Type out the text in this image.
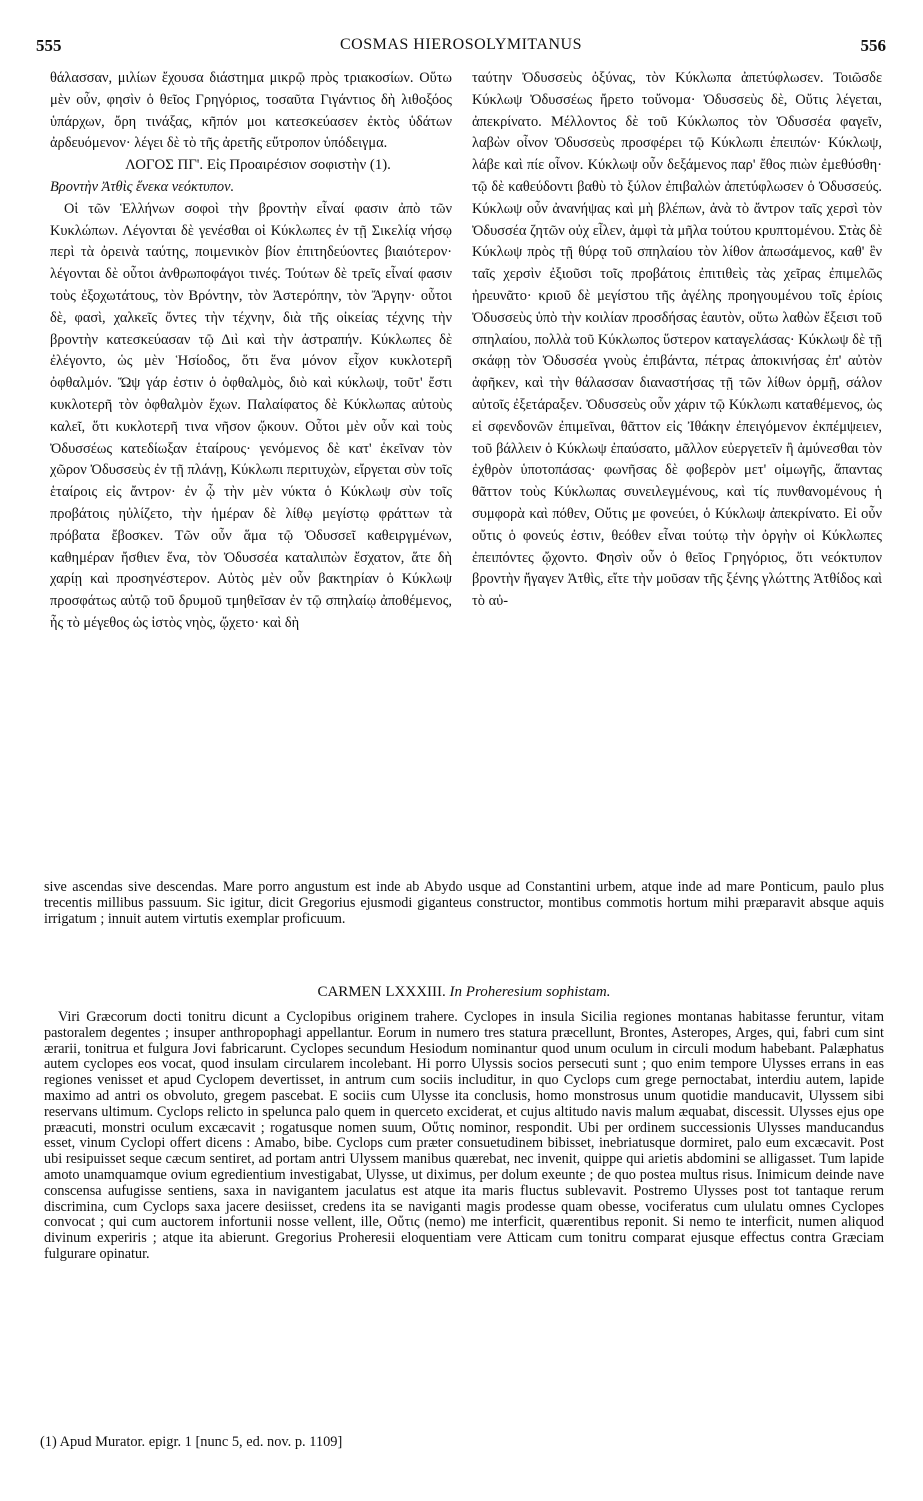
555	COSMAS HIEROSOLYMITANUS	556

θάλασσαν, μιλίων ἔχουσα διάστημα μικρῷ πρὸς τριακοσίων. Οὕτω μὲν οὖν, φησὶν ὁ θεῖος Γρηγόριος, τοσαῦτα Γιγάντιος δὴ λιθοξόος ὑπάρχων, ὄρη τινάξας, κῆπόν μοι κατεσκεύασεν ἐκτὸς ὑδάτων ἀρδευόμενον· λέγει δὲ τὸ τῆς ἀρετῆς εὔτροπον ὑπόδειγμα.

ΛΟΓΟΣ ΠΓ'. Εἰς Προαιρέσιον σοφιστὴν (1).

Βροντὴν Ἀτθὶς ἕνεκα νεόκτυπον.

Οἱ τῶν Ἑλλήνων σοφοὶ τὴν βροντὴν εἶναί φασιν ἀπὸ τῶν Κυκλώπων. Λέγονται δὲ γενέσθαι οἱ Κύκλωπες ἐν τῇ Σικελίᾳ νήσῳ περὶ τὰ ὀρεινὰ ταύτης, ποιμενικὸν βίον ἐπιτηδεύοντες βιαιότερον· λέγονται δὲ οὗτοι ἀνθρωποφάγοι τινές. Τούτων δὲ τρεῖς εἶναί φασιν τοὺς ἐξοχωτάτους, τὸν Βρόντην, τὸν Ἀστερόπην, τὸν Ἄργην· οὗτοι δὲ, φασὶ, χαλκεῖς ὄντες τὴν τέχνην, διὰ τῆς οἰκείας τέχνης τὴν βροντὴν κατεσκεύασαν τῷ Διὶ καὶ τὴν ἀστραπήν. Κύκλωπες δὲ ἐλέγοντο, ὡς μὲν Ἡσίοδος, ὅτι ἕνα μόνον εἶχον κυκλοτερῆ ὀφθαλμόν. Ὤψ γάρ ἐστιν ὁ ὀφθαλμὸς, διὸ καὶ κύκλωψ, τοῦτ' ἔστι κυκλοτερῆ τὸν ὀφθαλμὸν ἔχων. Παλαίφατος δὲ Κύκλωπας αὐτοὺς καλεῖ, ὅτι κυκλοτερῆ τινα νῆσον ᾤκουν. Οὗτοι μὲν οὖν καὶ τοὺς Ὀδυσσέως κατεδίωξαν ἑταίρους· γενόμενος δὲ κατ' ἐκεῖναν τὸν χῶρον Ὀδυσσεὺς ἐν τῇ πλάνῃ, Κύκλωπι περιτυχὼν, εἴργεται σὺν τοῖς ἑταίροις εἰς ἄντρον· ἐν ᾧ τὴν μὲν νύκτα ὁ Κύκλωψ σὺν τοῖς προβάτοις ηὐλίζετο, τὴν ἡμέραν δὲ λίθῳ μεγίστῳ φράττων τὰ πρόβατα ἔβοσκεν. Τῶν οὖν ἅμα τῷ Ὀδυσσεῖ καθειργμένων, καθημέραν ἤσθιεν ἕνα, τὸν Ὀδυσσέα καταλιπὼν ἔσχατον, ἅτε δὴ χαρίῃ καὶ προσηνέστερον. Αὐτὸς μὲν οὖν βακτηρίαν ὁ Κύκλωψ προσφάτως αὐτῷ τοῦ δρυμοῦ τμηθεῖσαν ἐν τῷ σπηλαίῳ ἀποθέμενος, ἧς τὸ μέγεθος ὡς ἱστὸς νηὸς, ᾤχετο· καὶ δὴ

ταύτην Ὀδυσσεὺς ὀξύνας, τὸν Κύκλωπα ἀπετύφλωσεν. Τοιῶσδε Κύκλωψ Ὀδυσσέως ἤρετο τοὔνομα· Ὀδυσσεὺς δὲ, Οὔτις λέγεται, ἀπεκρίνατο. Μέλλοντος δὲ τοῦ Κύκλωπος τὸν Ὀδυσσέα φαγεῖν, λαβὼν οἶνον Ὀδυσσεὺς προσφέρει τῷ Κύκλωπι ἐπειπών· Κύκλωψ, λάβε καὶ πίε οἶνον. Κύκλωψ οὖν δεξάμενος παρ' ἔθος πιὼν ἐμεθύσθη· τῷ δὲ καθεύδοντι βαθὺ τὸ ξύλον ἐπιβαλὼν ἀπετύφλωσεν ὁ Ὀδυσσεύς. Κύκλωψ οὖν ἀνανήψας καὶ μὴ βλέπων, ἀνὰ τὸ ἄντρον ταῖς χερσὶ τὸν Ὀδυσσέα ζητῶν οὐχ εἶλεν, ἀμφὶ τὰ μῆλα τούτου κρυπτομένου. Στὰς δὲ Κύκλωψ πρὸς τῇ θύρᾳ τοῦ σπηλαίου τὸν λίθον ἀπωσάμενος, καθ' ἓν ταῖς χερσὶν ἐξιοῦσι τοῖς προβάτοις ἐπιτιθεὶς τὰς χεῖρας ἐπιμελῶς ἠρευνᾶτο· κριοῦ δὲ μεγίστου τῆς ἀγέλης προηγουμένου τοῖς ἐρίοις Ὀδυσσεὺς ὑπὸ τὴν κοιλίαν προσδήσας ἑαυτὸν, οὕτω λαθὼν ἔξεισι τοῦ σπηλαίου, πολλὰ τοῦ Κύκλωπος ὕστερον καταγελάσας· Κύκλωψ δὲ τῇ σκάφῃ τὸν Ὀδυσσέα γνοὺς ἐπιβάντα, πέτρας ἀποκινήσας ἐπ' αὐτὸν ἀφῆκεν, καὶ τὴν θάλασσαν διαναστήσας τῇ τῶν λίθων ὁρμῇ, σάλον αὐτοῖς ἐξετάραξεν. Ὀδυσσεὺς οὖν χάριν τῷ Κύκλωπι καταθέμενος, ὡς εἰ σφενδονῶν ἐπιμεῖναι, θᾶττον εἰς Ἰθάκην ἐπειγόμενον ἐκπέμψειεν, τοῦ βάλλειν ὁ Κύκλωψ ἐπαύσατο, μᾶλλον εὐεργετεῖν ἢ ἀμύνεσθαι τὸν ἐχθρὸν ὑποτοπάσας· φωνῆσας δὲ φοβερὸν μετ' οἰμωγῆς, ἅπαντας θᾶττον τοὺς Κύκλωπας συνειλεγμένους, καὶ τίς πυνθανομένους ἡ συμφορὰ καὶ πόθεν, Οὔτις με φονεύει, ὁ Κύκλωψ ἀπεκρίνατο. Εἰ οὖν οὔτις ὁ φονεύς ἐστιν, θεόθεν εἶναι τούτῳ τὴν ὀργὴν οἱ Κύκλωπες ἐπειπόντες ᾤχοντο. Φησὶν οὖν ὁ θεῖος Γρηγόριος, ὅτι νεόκτυπον βροντὴν ἤγαγεν Ἀτθὶς, εἴτε τὴν μοῦσαν τῆς ξένης γλώττης Ἀτθίδος καὶ τὸ αὐ-

sive ascendas sive descendas. Mare porro angustum est inde ab Abydo usque ad Constantini urbem, atque inde ad mare Ponticum, paulo plus trecentis millibus passuum. Sic igitur, dicit Gregorius ejusmodi giganteus constructor, montibus commotis hortum mihi præparavit absque aquis irrigatum ; innuit autem virtutis exemplar proficuum.

CARMEN LXXXIII. In Proheresium sophistam.

Viri Græcorum docti tonitru dicunt a Cyclopibus originem trahere. Cyclopes in insula Sicilia regiones montanas habitasse feruntur, vitam pastoralem degentes ; insuper anthropophagi appellantur. Eorum in numero tres statura præcellunt, Brontes, Asteropes, Arges, qui, fabri cum sint ærarii, tonitrua et fulgura Jovi fabricarunt. Cyclopes secundum Hesiodum nominantur quod unum oculum in circuli modum habebant. Palæphatus autem cyclopes eos vocat, quod insulam circularem incolebant. Hi porro Ulyssis socios persecuti sunt ; quo enim tempore Ulysses errans in eas regiones venisset et apud Cyclopem devertisset, in antrum cum sociis includitur, in quo Cyclops cum grege pernoctabat, interdiu autem, lapide maximo ad antri os obvoluto, gregem pascebat. E sociis cum Ulysse ita conclusis, homo monstrosus unum quotidie manducavit, Ulyssem sibi reservans ultimum. Cyclops relicto in spelunca palo quem in querceto exciderat, et cujus altitudo navis malum æquabat, discessit. Ulysses ejus ope præacuti, monstri oculum excæcavit ; rogatusque nomen suum, Οὔτις nominor, respondit. Ubi per ordinem successionis Ulysses manducandus esset, vinum Cyclopi offert dicens : Amabo, bibe. Cyclops cum præter consuetudinem bibisset, inebriatusque dormiret, palo eum excæcavit. Post ubi resipuisset seque cæcum sentiret, ad portam antri Ulyssem manibus quærebat, nec invenit, quippe qui arietis abdomini se alligasset. Tum lapide amoto unamquamque ovium egredientium investigabat, Ulysse, ut diximus, per dolum exeunte ; de quo postea multus risus. Inimicum deinde nave conscensa aufugisse sentiens, saxa in navigantem jaculatus est atque ita maris fluctus sublevavit. Postremo Ulysses post tot tantaque rerum discrimina, cum Cyclops saxa jacere desiisset, credens ita se naviganti magis prodesse quam obesse, vociferatus cum ululatu omnes Cyclopes convocat ; qui cum auctorem infortunii nosse vellent, ille, Οὔτις (nemo) me interficit, quærentibus reponit. Si nemo te interficit, numen aliquod divinum experiris ; atque ita abierunt. Gregorius Proheresii eloquentiam vere Atticam cum tonitru comparat ejusque effectus contra Græciam fulgurare opinatur.

(1) Apud Murator. epigr. 1 [nunc 5, ed. nov. p. 1109]
